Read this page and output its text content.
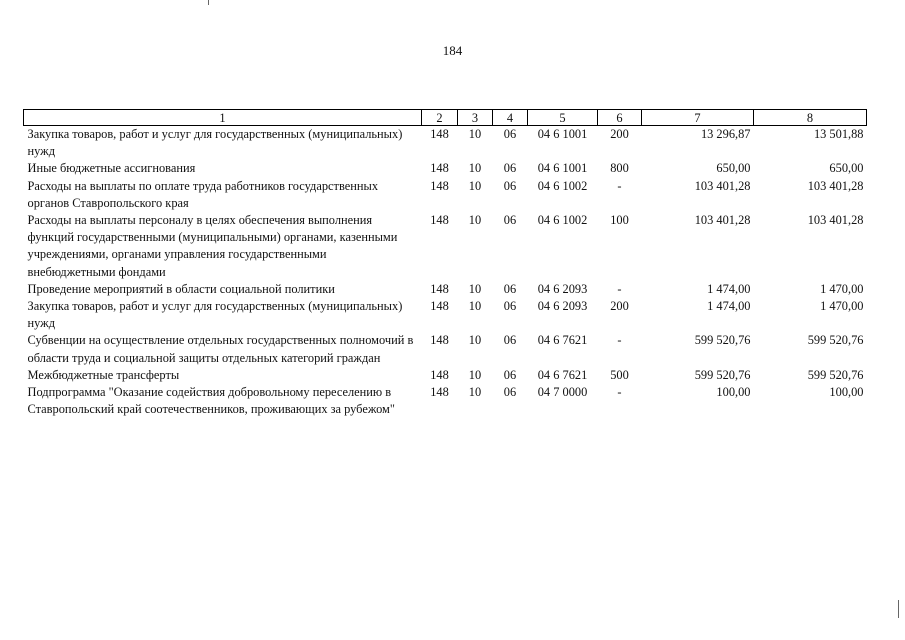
184
1	2	3	4	5	6	7	8
Закупка товаров, работ и услуг для государственных (муниципальных) нужд	148	10	06	04 6 1001	200	13 296,87	13 501,88
Иные бюджетные ассигнования	148	10	06	04 6 1001	800	650,00	650,00
Расходы на выплаты по оплате труда работников государственных органов Ставропольского края	148	10	06	04 6 1002	-	103 401,28	103 401,28
Расходы на выплаты персоналу в целях обеспечения выполнения функций государственными (муниципальными) органами, казенными учреждениями, органами управления государственными внебюджетными фондами	148	10	06	04 6 1002	100	103 401,28	103 401,28
Проведение мероприятий в области социальной политики	148	10	06	04 6 2093	-	1 474,00	1 470,00
Закупка товаров, работ и услуг для государственных (муниципальных) нужд	148	10	06	04 6 2093	200	1 474,00	1 470,00
Субвенции на осуществление отдельных государственных полномочий в области труда и социальной защиты отдельных категорий граждан	148	10	06	04 6 7621	-	599 520,76	599 520,76
Межбюджетные трансферты	148	10	06	04 6 7621	500	599 520,76	599 520,76
Подпрограмма "Оказание содействия добровольному переселению в Ставропольский край соотечественников, проживающих за рубежом"	148	10	06	04 7 0000	-	100,00	100,00
